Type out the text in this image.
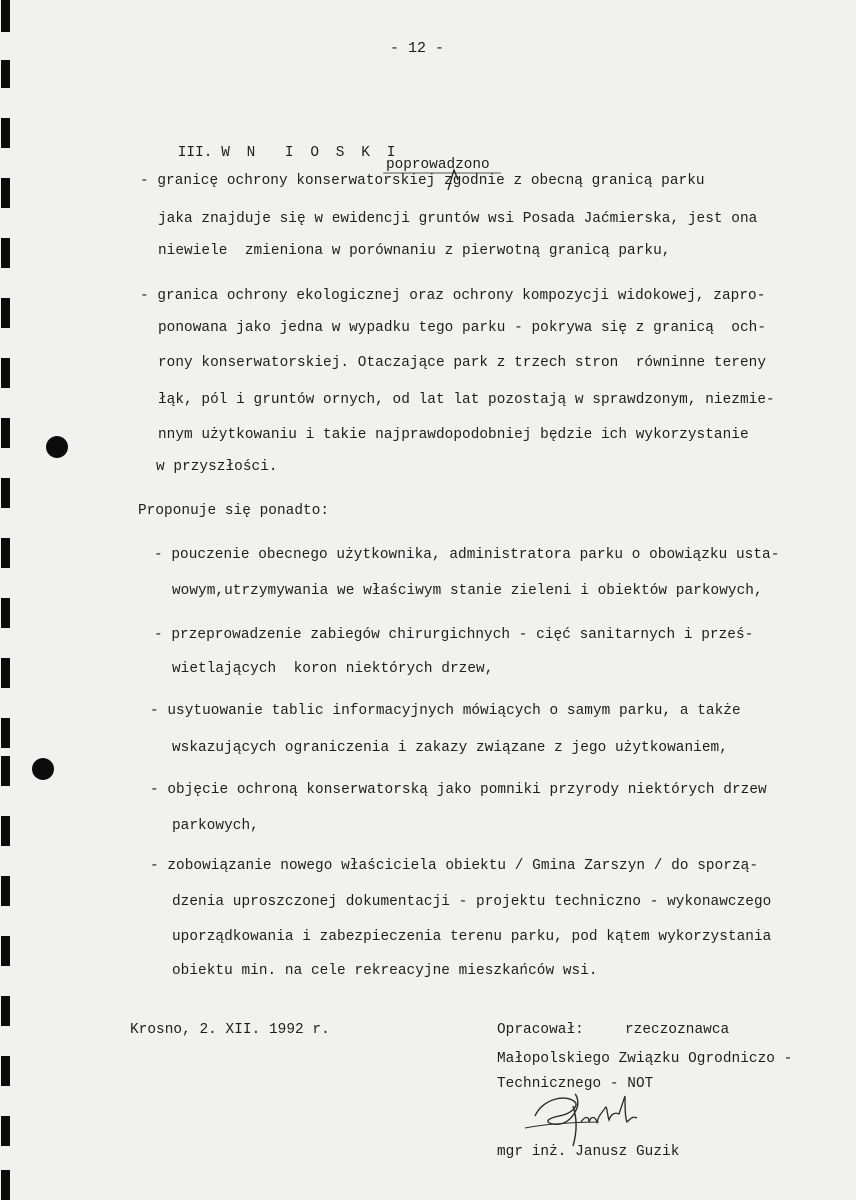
- 12 -

III. W N  I O S K I

poprowadzono
- granicę ochrony konserwatorskiej zgodnie z obecną granicą parku
jaka znajduje się w ewidencji gruntów wsi Posada Jaćmierska, jest ona
niewiele  zmieniona w porównaniu z pierwotną granicą parku,
- granica ochrony ekologicznej oraz ochrony kompozycji widokowej, zapro-
ponowana jako jedna w wypadku tego parku - pokrywa się z granicą  och-
rony konserwatorskiej. Otaczające park z trzech stron  równinne tereny
łąk, pól i gruntów ornych, od lat lat pozostają w sprawdzonym, niezmie-
nnym użytkowaniu i takie najprawdopodobniej będzie ich wykorzystanie
w przyszłości.
Proponuje się ponadto:
- pouczenie obecnego użytkownika, administratora parku o obowiązku usta-
wowym,utrzymywania we właściwym stanie zieleni i obiektów parkowych,
- przeprowadzenie zabiegów chirurgichnych - cięć sanitarnych i prześ-
wietlających  koron niektórych drzew,
- usytuowanie tablic informacyjnych mówiących o samym parku, a także
wskazujących ograniczenia i zakazy związane z jego użytkowaniem,
- objęcie ochroną konserwatorską jako pomniki przyrody niektórych drzew
parkowych,
- zobowiązanie nowego właściciela obiektu / Gmina Zarszyn / do sporzą-
dzenia uproszczonej dokumentacji - projektu techniczno - wykonawczego
uporządkowania i zabezpieczenia terenu parku, pod kątem wykorzystania
obiektu min. na cele rekreacyjne mieszkańców wsi.
Krosno, 2. XII. 1992 r.	Opracował:	rzeczoznawca
Małopolskiego Związku Ogrodniczo -
Technicznego - NOT
mgr inż. Janusz Guzik
